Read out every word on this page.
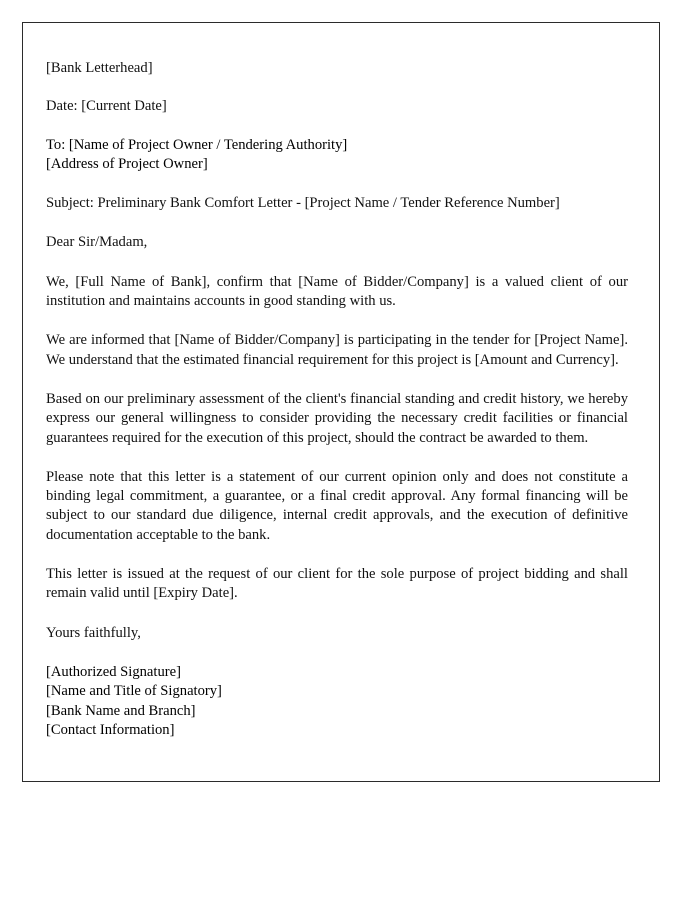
[Bank Letterhead]

Date: [Current Date]

To: [Name of Project Owner / Tendering Authority]
[Address of Project Owner]

Subject: Preliminary Bank Comfort Letter - [Project Name / Tender Reference Number]

Dear Sir/Madam,

We, [Full Name of Bank], confirm that [Name of Bidder/Company] is a valued client of our institution and maintains accounts in good standing with us.

We are informed that [Name of Bidder/Company] is participating in the tender for [Project Name]. We understand that the estimated financial requirement for this project is [Amount and Currency].

Based on our preliminary assessment of the client's financial standing and credit history, we hereby express our general willingness to consider providing the necessary credit facilities or financial guarantees required for the execution of this project, should the contract be awarded to them.

Please note that this letter is a statement of our current opinion only and does not constitute a binding legal commitment, a guarantee, or a final credit approval. Any formal financing will be subject to our standard due diligence, internal credit approvals, and the execution of definitive documentation acceptable to the bank.

This letter is issued at the request of our client for the sole purpose of project bidding and shall remain valid until [Expiry Date].

Yours faithfully,

[Authorized Signature]
[Name and Title of Signatory]
[Bank Name and Branch]
[Contact Information]
